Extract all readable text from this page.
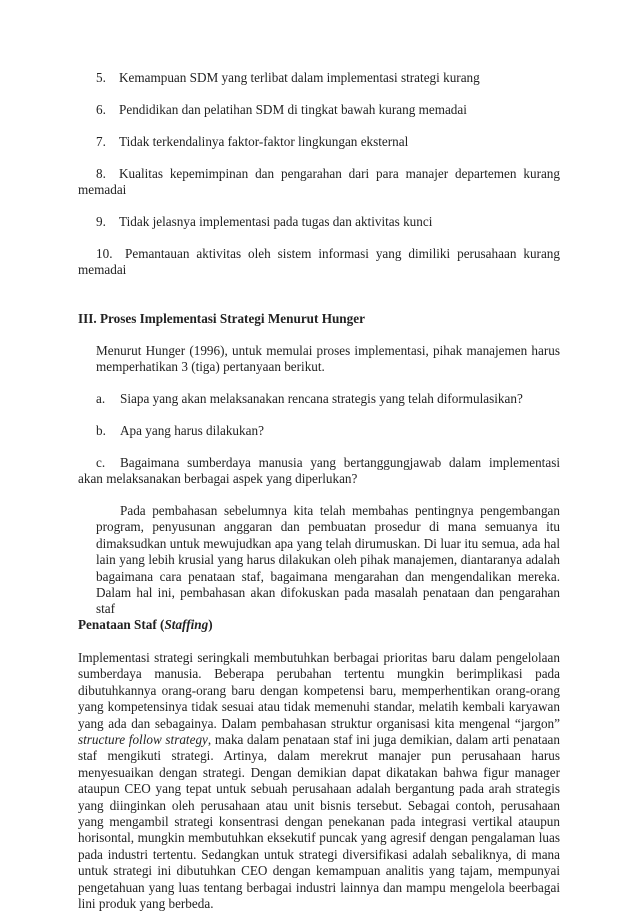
5. Kemampuan SDM yang terlibat dalam implementasi strategi kurang

6. Pendidikan dan pelatihan SDM di tingkat bawah kurang memadai

7. Tidak terkendalinya faktor-faktor lingkungan eksternal

8. Kualitas kepemimpinan dan pengarahan dari para manajer departemen kurang memadai

9. Tidak jelasnya implementasi pada tugas dan aktivitas kunci

10. Pemantauan aktivitas oleh sistem informasi yang dimiliki perusahaan kurang memadai

III. Proses Implementasi Strategi Menurut Hunger

Menurut Hunger (1996), untuk memulai proses implementasi, pihak manajemen harus memperhatikan 3 (tiga) pertanyaan berikut.

a. Siapa yang akan melaksanakan rencana strategis yang telah diformulasikan?

b. Apa yang harus dilakukan?

c. Bagaimana sumberdaya manusia yang bertanggungjawab dalam implementasi akan melaksanakan berbagai aspek yang diperlukan?

Pada pembahasan sebelumnya kita telah membahas pentingnya pengembangan program, penyusunan anggaran dan pembuatan prosedur di mana semuanya itu dimaksudkan untuk mewujudkan apa yang telah dirumuskan. Di luar itu semua, ada hal lain yang lebih krusial yang harus dilakukan oleh pihak manajemen, diantaranya adalah bagaimana cara penataan staf, bagaimana mengarahan dan mengendalikan mereka. Dalam hal ini, pembahasan akan difokuskan pada masalah penataan dan pengarahan staf

Penataan Staf (Staffing)

Implementasi strategi seringkali membutuhkan berbagai prioritas baru dalam pengelolaan sumberdaya manusia. Beberapa perubahan tertentu mungkin berimplikasi pada dibutuhkannya orang-orang baru dengan kompetensi baru, memperhentikan orang-orang yang kompetensinya tidak sesuai atau tidak memenuhi standar, melatih kembali karyawan yang ada dan sebagainya. Dalam pembahasan struktur organisasi kita mengenal “jargon” structure follow strategy, maka dalam penataan staf ini juga demikian, dalam arti penataan staf mengikuti strategi. Artinya, dalam merekrut manajer pun perusahaan harus menyesuaikan dengan strategi. Dengan demikian dapat dikatakan bahwa figur manager ataupun CEO yang tepat untuk sebuah perusahaan adalah bergantung pada arah strategis yang diinginkan oleh perusahaan atau unit bisnis tersebut. Sebagai contoh, perusahaan yang mengambil strategi konsentrasi dengan penekanan pada integrasi vertikal ataupun horisontal, mungkin membutuhkan eksekutif puncak yang agresif dengan pengalaman luas pada industri tertentu. Sedangkan untuk strategi diversifikasi adalah sebaliknya, di mana untuk strategi ini dibutuhkan CEO dengan kemampuan analitis yang tajam, mempunyai pengetahuan yang luas tentang berbagai industri lainnya dan mampu mengelola beerbagai lini produk yang berbeda.
